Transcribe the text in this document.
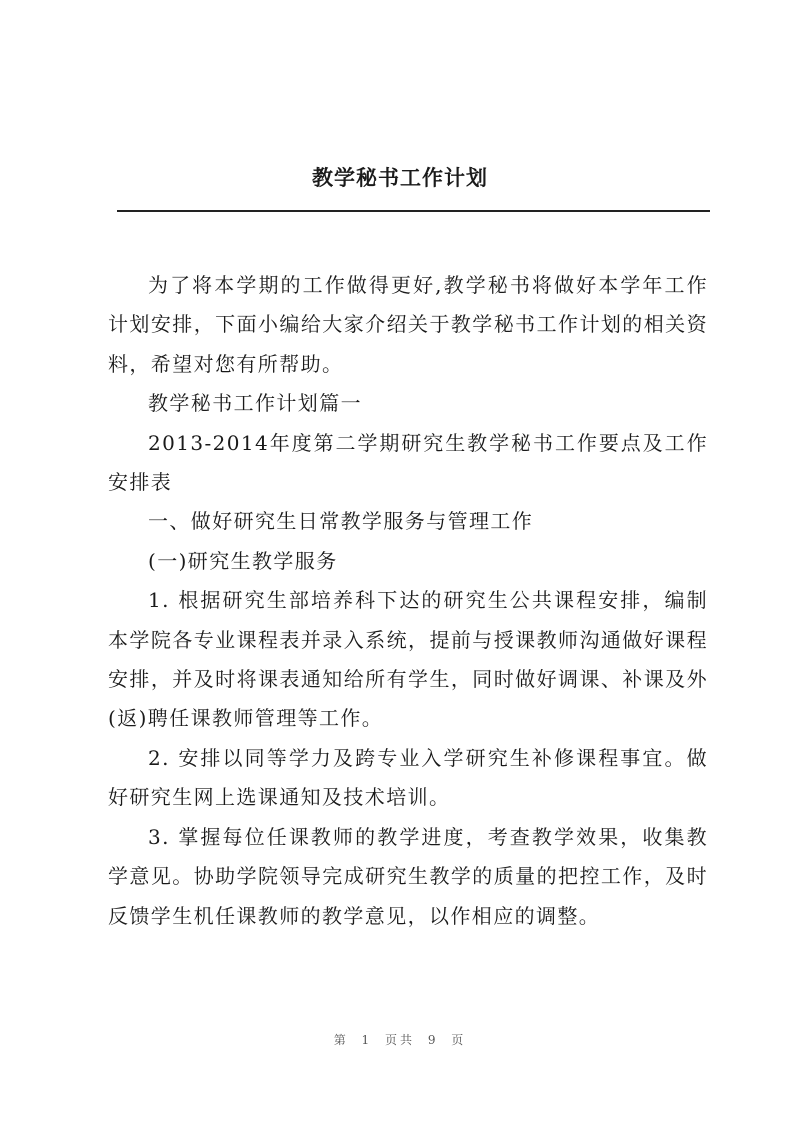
教学秘书工作计划

为了将本学期的工作做得更好,教学秘书将做好本学年工作计划安排，下面小编给大家介绍关于教学秘书工作计划的相关资料，希望对您有所帮助。

教学秘书工作计划篇一

2013-2014年度第二学期研究生教学秘书工作要点及工作安排表

一、做好研究生日常教学服务与管理工作

(一)研究生教学服务

1. 根据研究生部培养科下达的研究生公共课程安排，编制本学院各专业课程表并录入系统，提前与授课教师沟通做好课程安排，并及时将课表通知给所有学生，同时做好调课、补课及外(返)聘任课教师管理等工作。

2. 安排以同等学力及跨专业入学研究生补修课程事宜。做好研究生网上选课通知及技术培训。

3. 掌握每位任课教师的教学进度，考查教学效果，收集教学意见。协助学院领导完成研究生教学的质量的把控工作，及时反馈学生机任课教师的教学意见，以作相应的调整。

第 1 页共 9 页
